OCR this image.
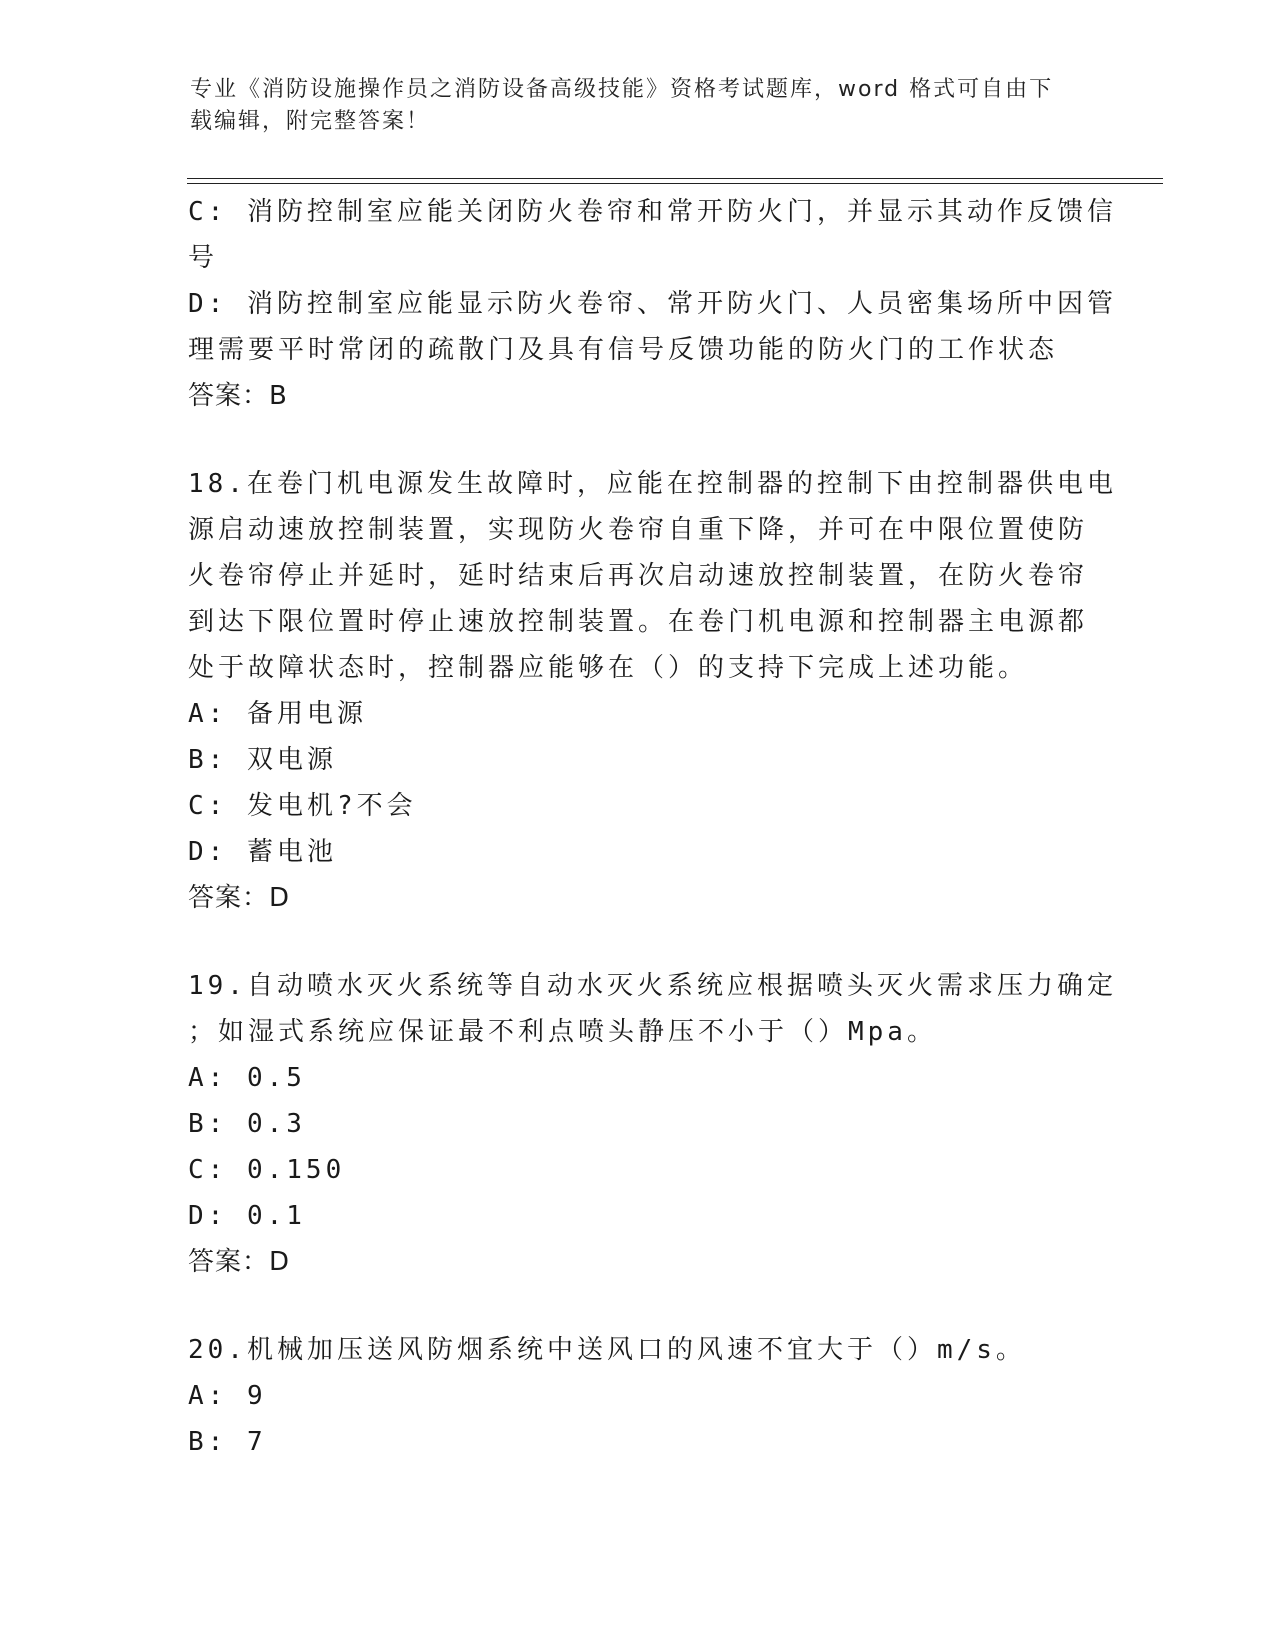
专业《消防设施操作员之消防设备高级技能》资格考试题库，word 格式可自由下
载编辑，附完整答案！
C: 消防控制室应能关闭防火卷帘和常开防火门，并显示其动作反馈信
号
D: 消防控制室应能显示防火卷帘、常开防火门、人员密集场所中因管
理需要平时常闭的疏散门及具有信号反馈功能的防火门的工作状态
答案：B
18.在卷门机电源发生故障时，应能在控制器的控制下由控制器供电电
源启动速放控制装置，实现防火卷帘自重下降，并可在中限位置使防
火卷帘停止并延时，延时结束后再次启动速放控制装置，在防火卷帘
到达下限位置时停止速放控制装置。在卷门机电源和控制器主电源都
处于故障状态时，控制器应能够在（）的支持下完成上述功能。
A: 备用电源
B: 双电源
C: 发电机?不会
D: 蓄电池
答案：D
19.自动喷水灭火系统等自动水灭火系统应根据喷头灭火需求压力确定
；如湿式系统应保证最不利点喷头静压不小于（）Mpa。
A: 0.5
B: 0.3
C: 0.150
D: 0.1
答案：D
20.机械加压送风防烟系统中送风口的风速不宜大于（）m/s。
A: 9
B: 7
